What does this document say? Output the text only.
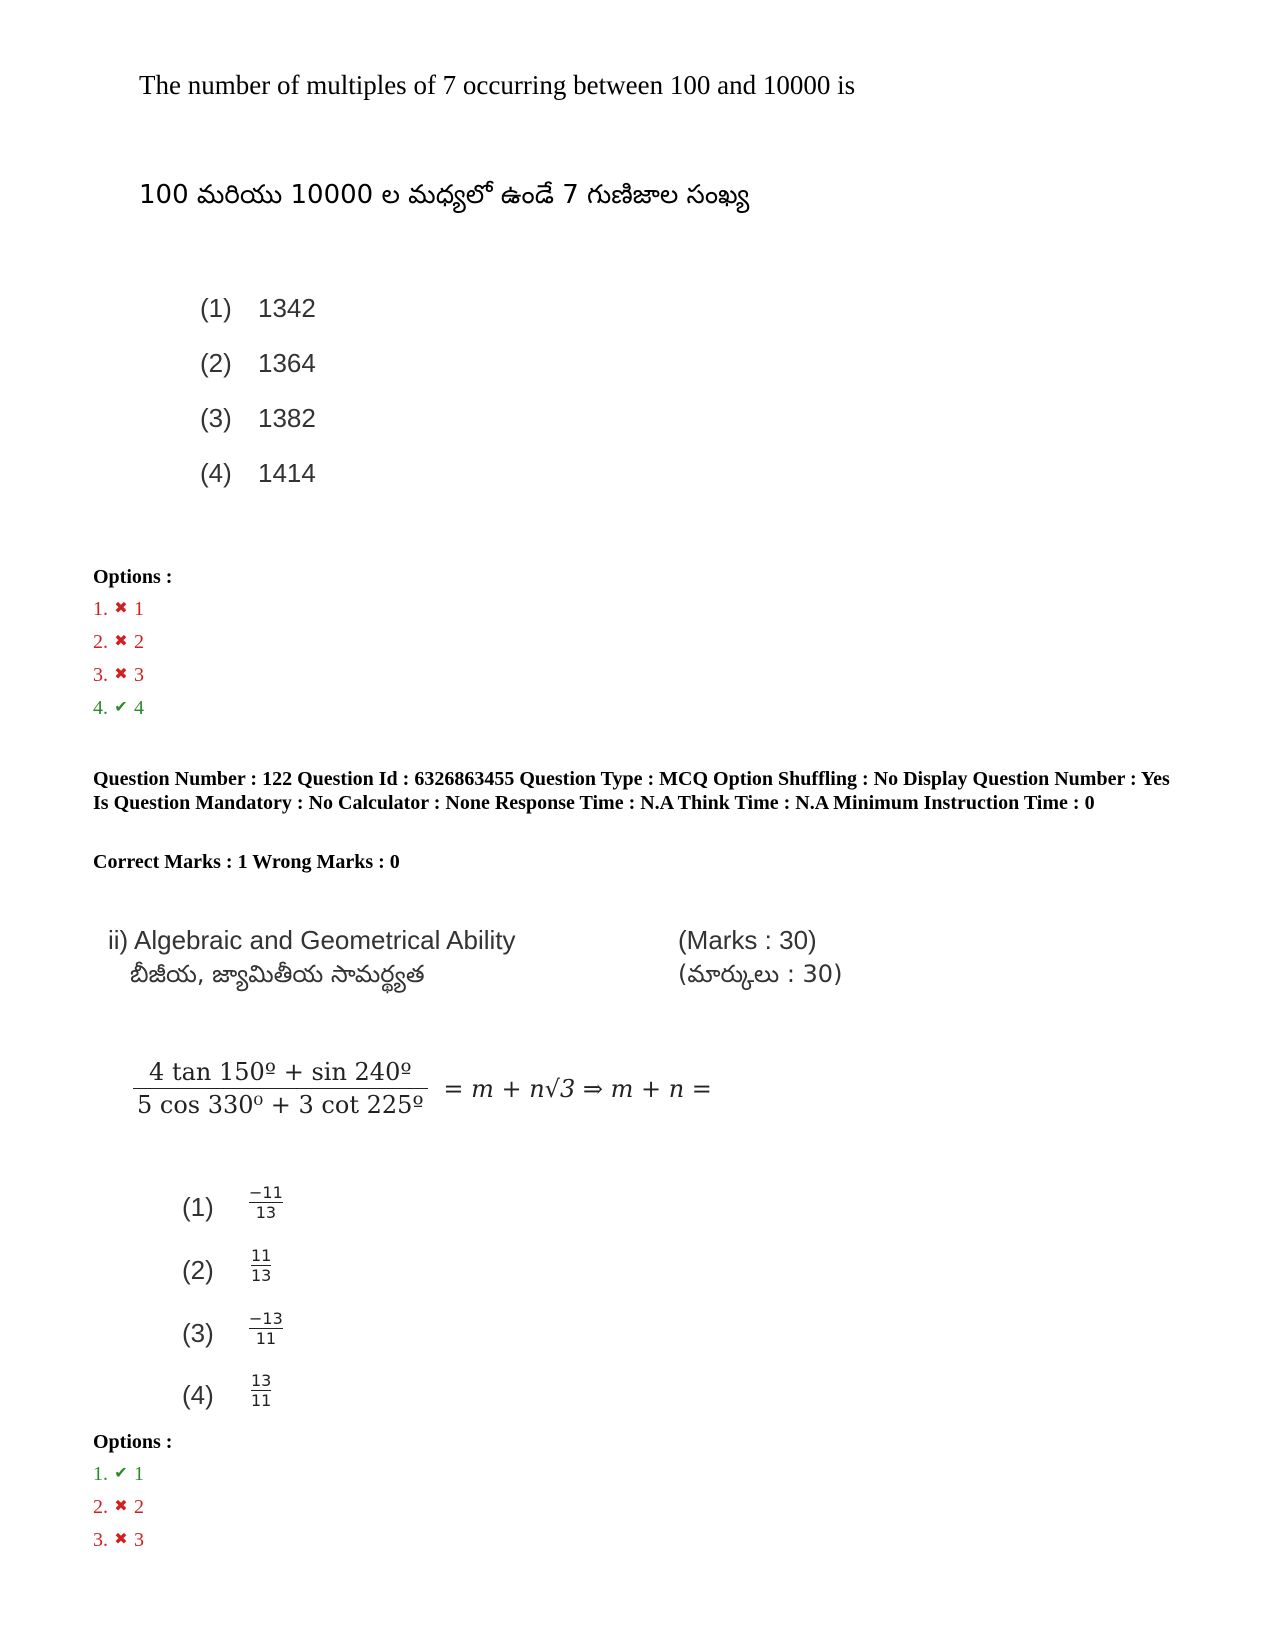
The number of multiples of 7 occurring between 100 and 10000 is
100 మరియు 10000 ల మధ్యలో ఉండే 7 గుణిజాల సంఖ్య
(1) 1342
(2) 1364
(3) 1382
(4) 1414
Options :
1. ✖ 1
2. ✖ 2
3. ✖ 3
4. ✔ 4
Question Number : 122 Question Id : 6326863455 Question Type : MCQ Option Shuffling : No Display Question Number : Yes Is Question Mandatory : No Calculator : None Response Time : N.A Think Time : N.A Minimum Instruction Time : 0
Correct Marks : 1 Wrong Marks : 0
ii) Algebraic and Geometrical Ability
బీజీయ, జ్యామితీయ సామర్థ్యత
(Marks : 30)
(మార్కులు : 30)
$\frac{\text{4 tan 150º + sin 240º}}{\text{5 cos 330⁰ + 3 cot 225º}} = m + n√3$ ⇒ m + n =
$(1) \frac{-11}{13}$
$(2) \frac{11}{13}$
$(3) \frac{-13}{11}$
$(4) \frac{13}{11}$
Options :
1. ✔ 1
2. ✖ 2
3. ✖ 3
